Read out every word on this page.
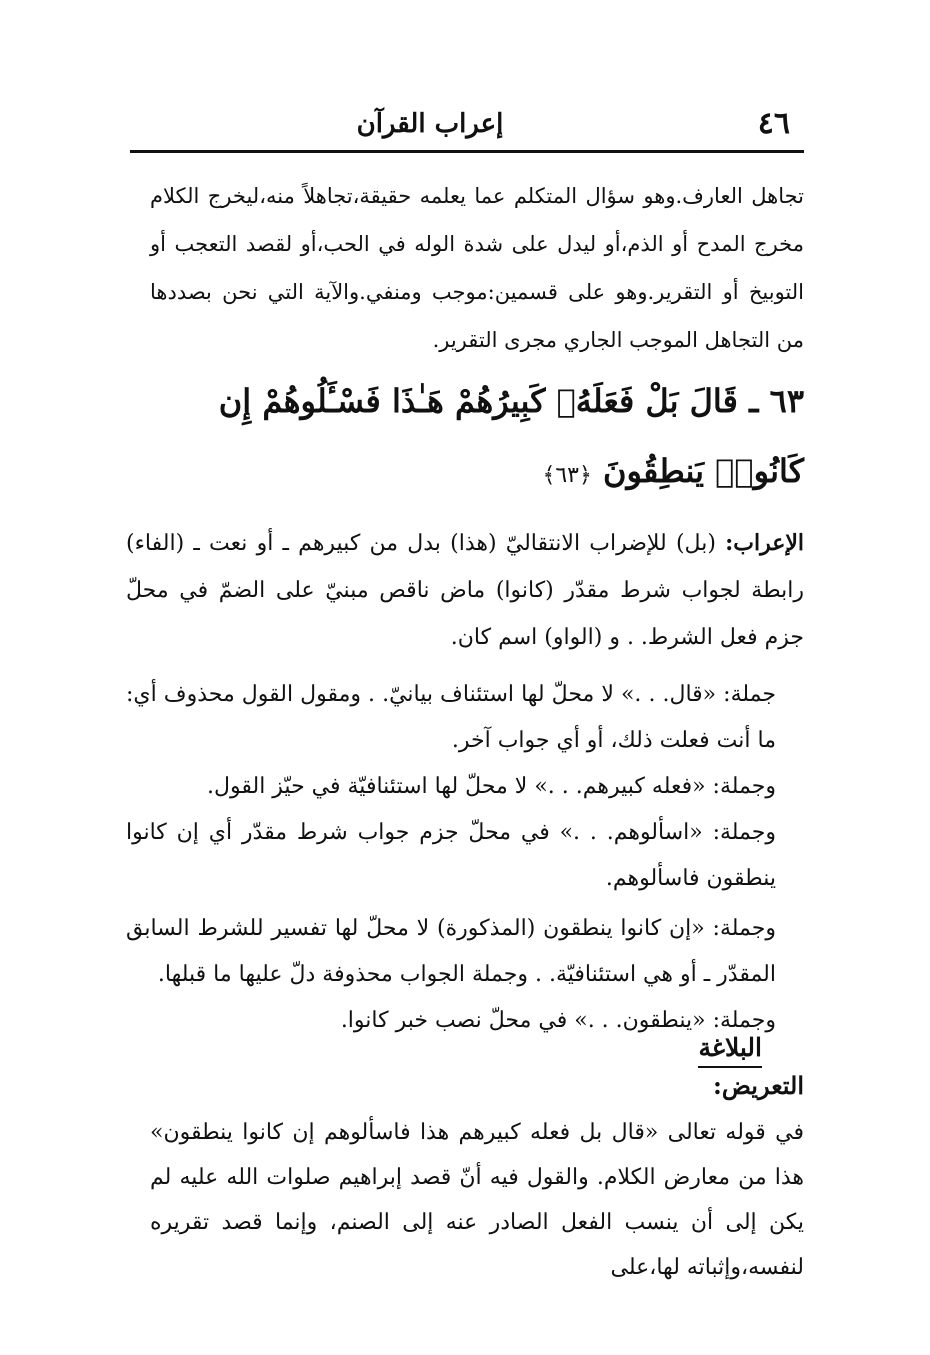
٤٦
إعراب القرآن
تجاهل العارف.وهو سؤال المتكلم عما يعلمه حقيقة،تجاهلاً منه،ليخرج الكلام مخرج المدح أو الذم،أو ليدل على شدة الوله في الحب،أو لقصد التعجب أو التوبيخ أو التقرير.وهو على قسمين:موجب ومنفي.والآية التي نحن بصددها من التجاهل الموجب الجاري مجرى التقرير.
٦٣ ـ قَالَ بَلْ فَعَلَهُۥ كَبِيرُهُمْ هَـٰذَا فَسْـَٔلُوهُمْ إِن كَانُوا۟ يَنطِقُونَ ﴿٦٣﴾
الإعراب: (بل) للإضراب الانتقاليّ (هذا) بدل من كبيرهم ـ أو نعت ـ (الفاء) رابطة لجواب شرط مقدّر (كانوا) ماض ناقص مبنيّ على الضمّ في محلّ جزم فعل الشرط. . و (الواو) اسم كان.

جملة: «قال. . .» لا محلّ لها استئناف بيانيّ. . ومقول القول محذوف أي: ما أنت فعلت ذلك، أو أي جواب آخر.

وجملة: «فعله كبيرهم. . .» لا محلّ لها استئنافيّة في حيّز القول.

وجملة: «اسألوهم. . .» في محلّ جزم جواب شرط مقدّر أي إن كانوا ينطقون فاسألوهم.

وجملة: «إن كانوا ينطقون (المذكورة) لا محلّ لها تفسير للشرط السابق المقدّر ـ أو هي استئنافيّة. . وجملة الجواب محذوفة دلّ عليها ما قبلها.

وجملة: «ينطقون. . .» في محلّ نصب خبر كانوا.

البلاغة
التعريض:
في قوله تعالى «قال بل فعله كبيرهم هذا فاسألوهم إن كانوا ينطقون» هذا من معارض الكلام. والقول فيه أنّ قصد إبراهيم صلوات الله عليه لم يكن إلى أن ينسب الفعل الصادر عنه إلى الصنم، وإنما قصد تقريره لنفسه،وإثباته لها،على
